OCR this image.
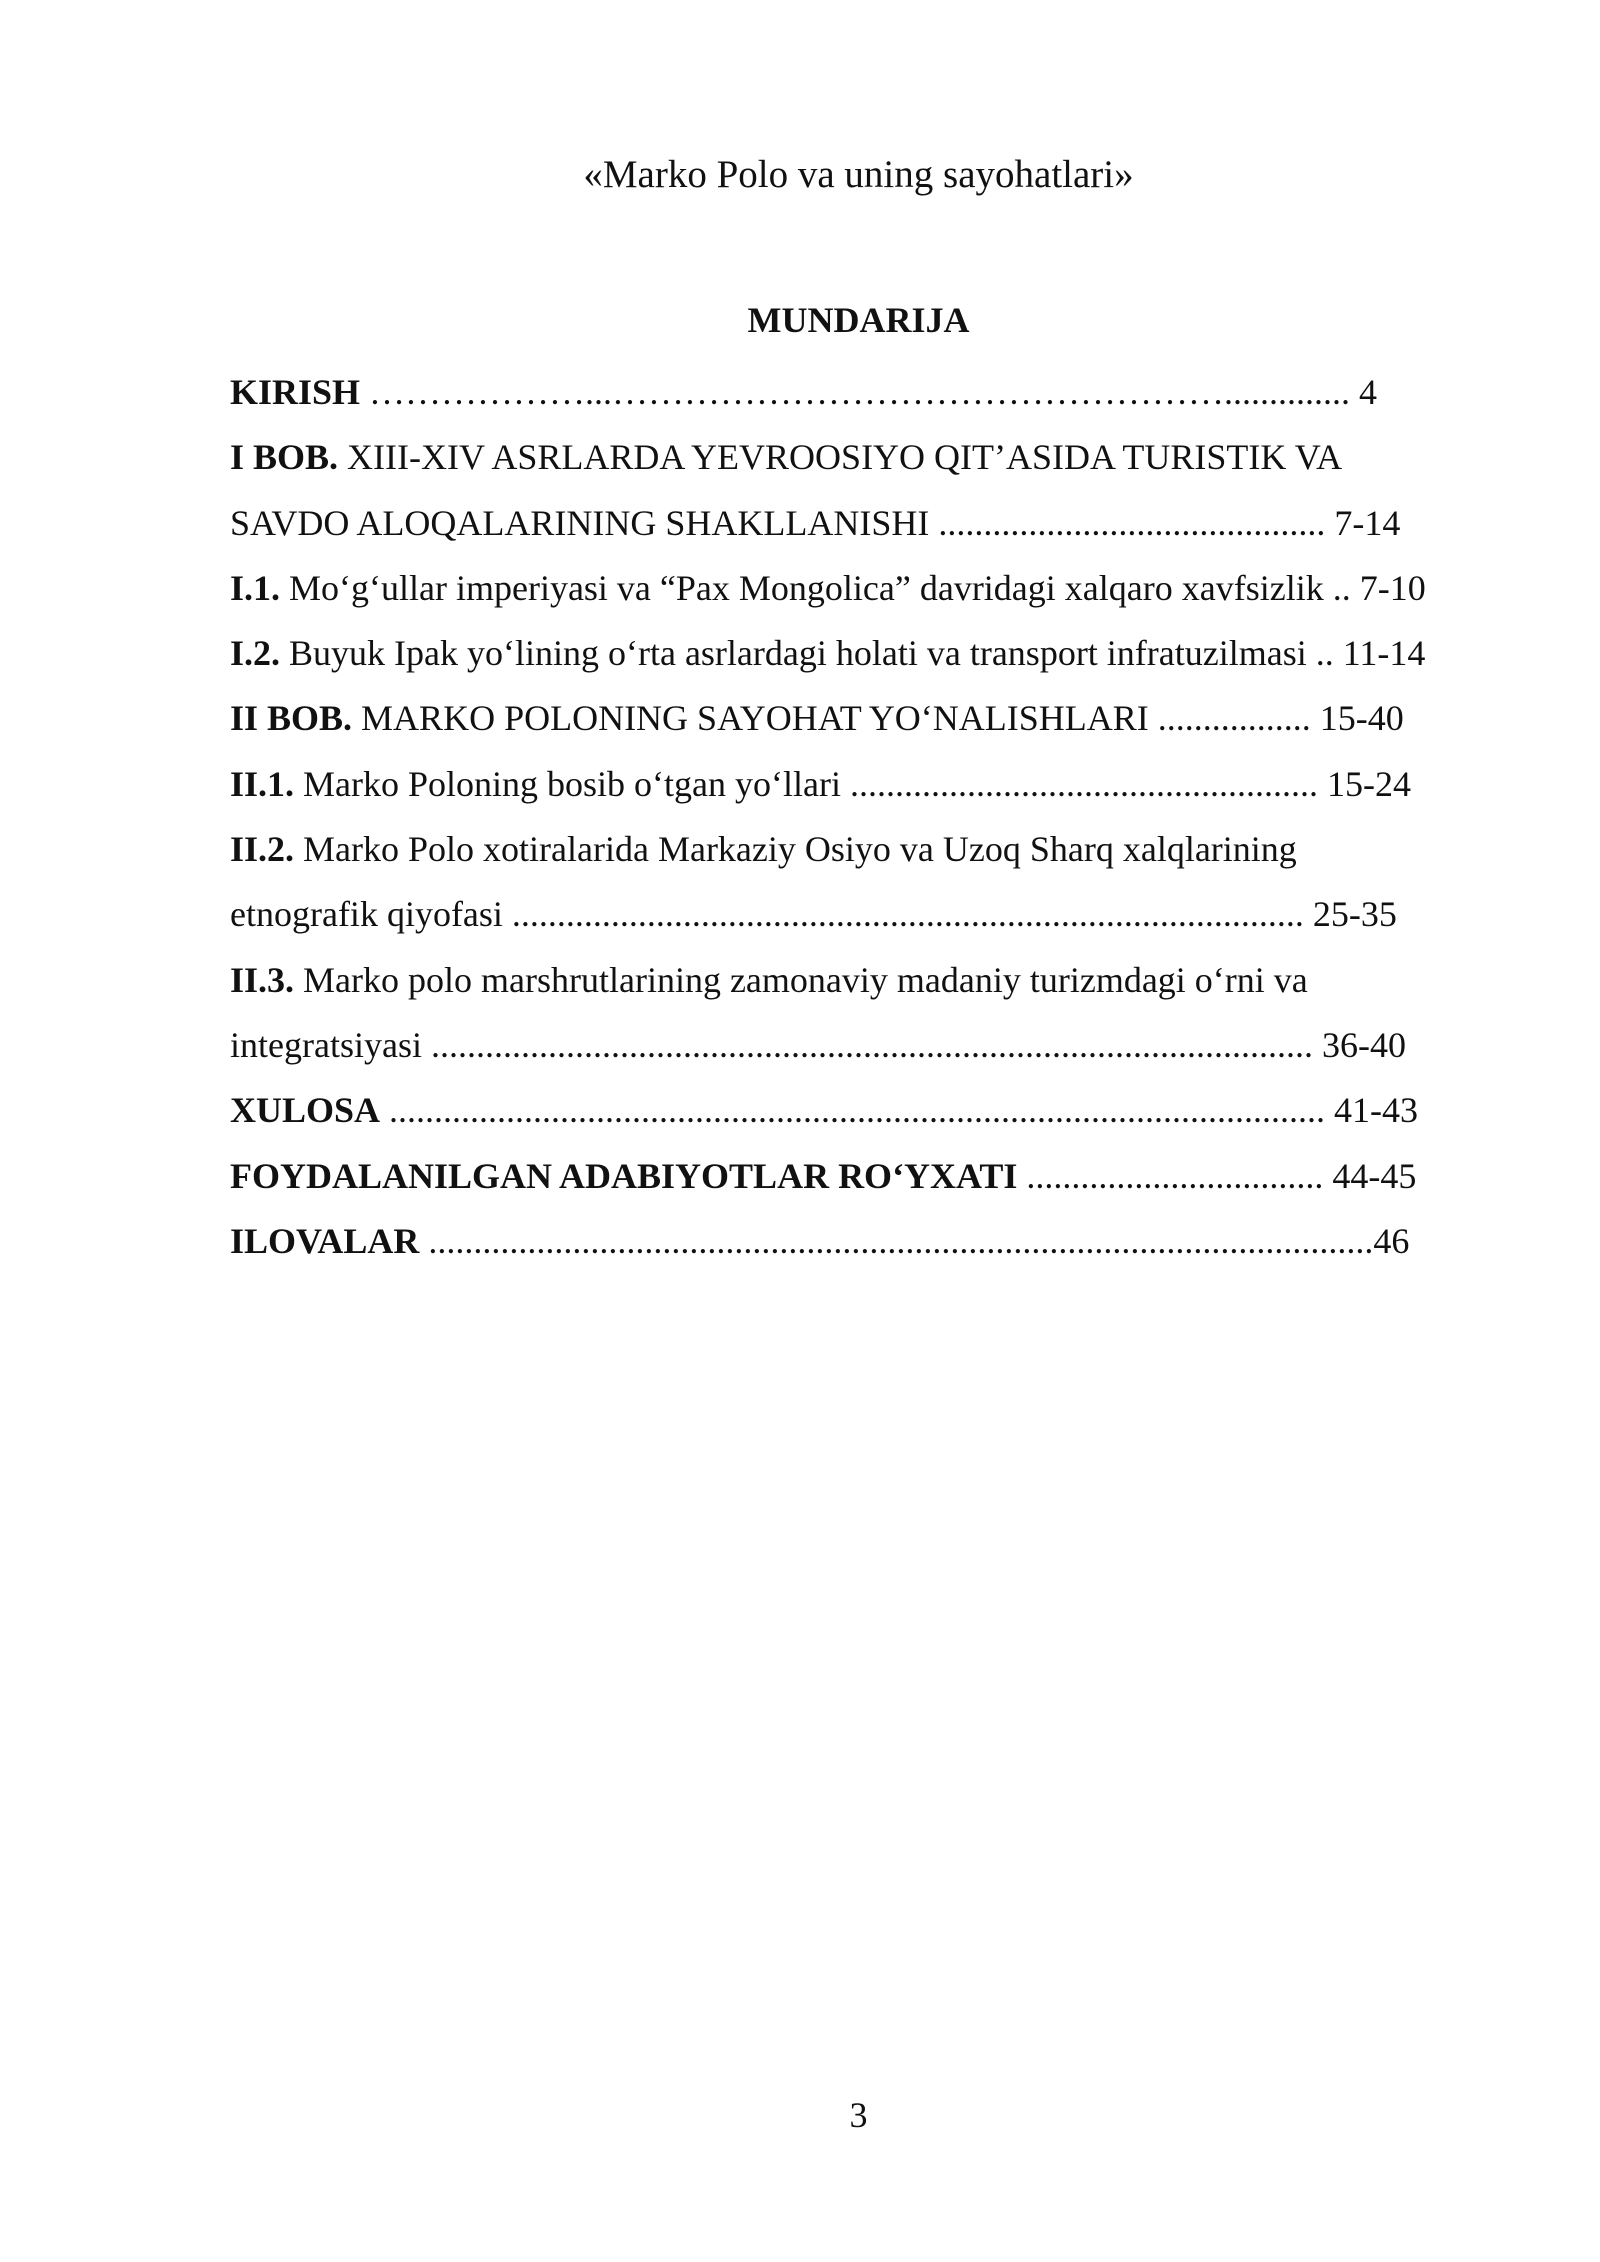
«Marko Polo va uning sayohatlari»
MUNDARIJA
KIRISH ………………...…………………………………………….............. 4
I BOB. XIII-XIV ASRLARDA YEVROOSIYO QIT’ASIDA TURISTIK VA
SAVDO ALOQALARINING SHAKLLANISHI ........................................... 7-14
I.1. Mo‘g‘ullar imperiyasi va “Pax Mongolica” davridagi xalqaro xavfsizlik .. 7-10
I.2. Buyuk Ipak yo‘lining o‘rta asrlardagi holati va transport infratuzilmasi .. 11-14
II BOB. MARKO POLONING SAYOHAT YO‘NALISHLARI ................. 15-40
II.1. Marko Poloning bosib o‘tgan yo‘llari .................................................... 15-24
II.2. Marko Polo xotiralarida Markaziy Osiyo va Uzoq Sharq xalqlarining
etnografik qiyofasi ........................................................................................ 25-35
II.3. Marko polo marshrutlarining zamonaviy madaniy turizmdagi o‘rni va
integratsiyasi .................................................................................................. 36-40
XULOSA ........................................................................................................ 41-43
FOYDALANILGAN ADABIYOTLAR RO‘YXATI ................................. 44-45
ILOVALAR .........................................................................................................46
3
